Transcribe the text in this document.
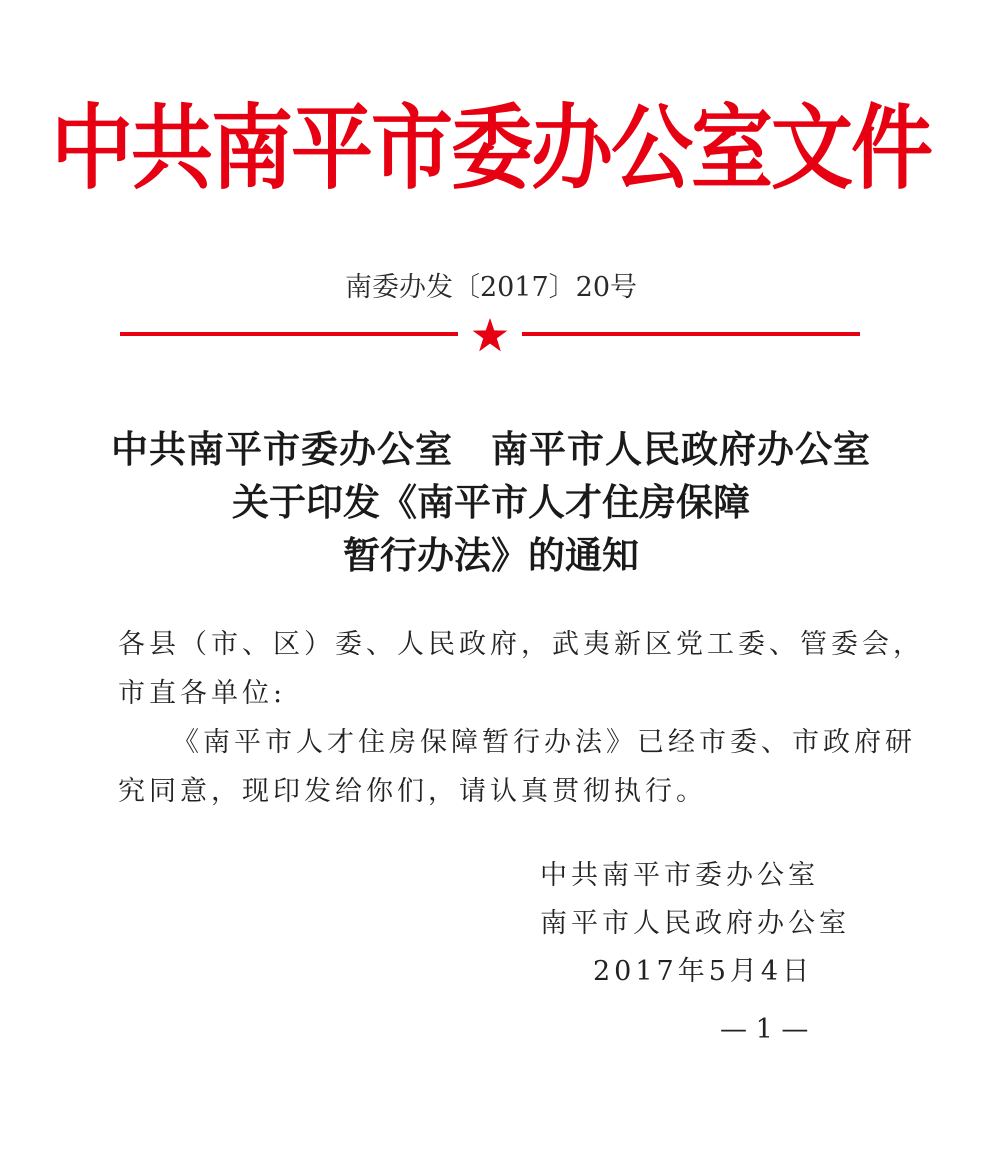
中共南平市委办公室文件
南委办发〔2017〕20号
中共南平市委办公室　南平市人民政府办公室
关于印发《南平市人才住房保障
暂行办法》的通知
各县（市、区）委、人民政府，武夷新区党工委、管委会，
市直各单位:
《南平市人才住房保障暂行办法》已经市委、市政府研
究同意，现印发给你们，请认真贯彻执行。
中共南平市委办公室
南平市人民政府办公室
2017年5月4日
— 1 —
